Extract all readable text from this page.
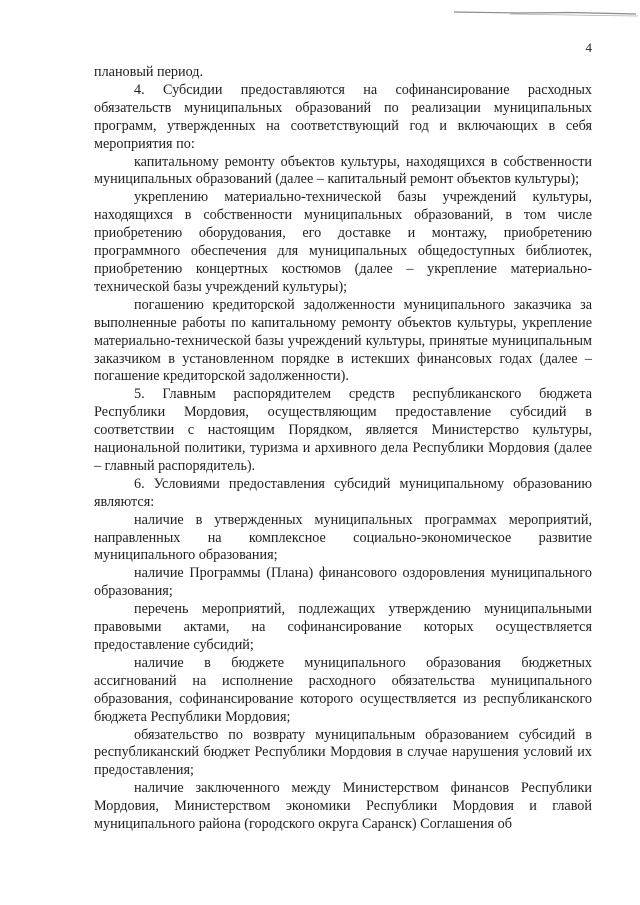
4

плановый период.

4. Субсидии предоставляются на софинансирование расходных обязательств муниципальных образований по реализации муниципальных программ, утвержденных на соответствующий год и включающих в себя мероприятия по:

капитальному ремонту объектов культуры, находящихся в собственности муниципальных образований (далее – капитальный ремонт объектов культуры);

укреплению материально-технической базы учреждений культуры, находящихся в собственности муниципальных образований, в том числе приобретению оборудования, его доставке и монтажу, приобретению программного обеспечения для муниципальных общедоступных библиотек, приобретению концертных костюмов (далее – укрепление материально-технической базы учреждений культуры);

погашению кредиторской задолженности муниципального заказчика за выполненные работы по капитальному ремонту объектов культуры, укрепление материально-технической базы учреждений культуры, принятые муниципальным заказчиком в установленном порядке в истекших финансовых годах (далее – погашение кредиторской задолженности).

5. Главным распорядителем средств республиканского бюджета Республики Мордовия, осуществляющим предоставление субсидий в соответствии с настоящим Порядком, является Министерство культуры, национальной политики, туризма и архивного дела Республики Мордовия (далее – главный распорядитель).

6. Условиями предоставления субсидий муниципальному образованию являются:

наличие в утвержденных муниципальных программах мероприятий, направленных на комплексное социально-экономическое развитие муниципального образования;

наличие Программы (Плана) финансового оздоровления муниципального образования;

перечень мероприятий, подлежащих утверждению муниципальными правовыми актами, на софинансирование которых осуществляется предоставление субсидий;

наличие в бюджете муниципального образования бюджетных ассигнований на исполнение расходного обязательства муниципального образования, софинансирование которого осуществляется из республиканского бюджета Республики Мордовия;

обязательство по возврату муниципальным образованием субсидий в республиканский бюджет Республики Мордовия в случае нарушения условий их предоставления;

наличие заключенного между Министерством финансов Республики Мордовия, Министерством экономики Республики Мордовия и главой муниципального района (городского округа Саранск) Соглашения об
